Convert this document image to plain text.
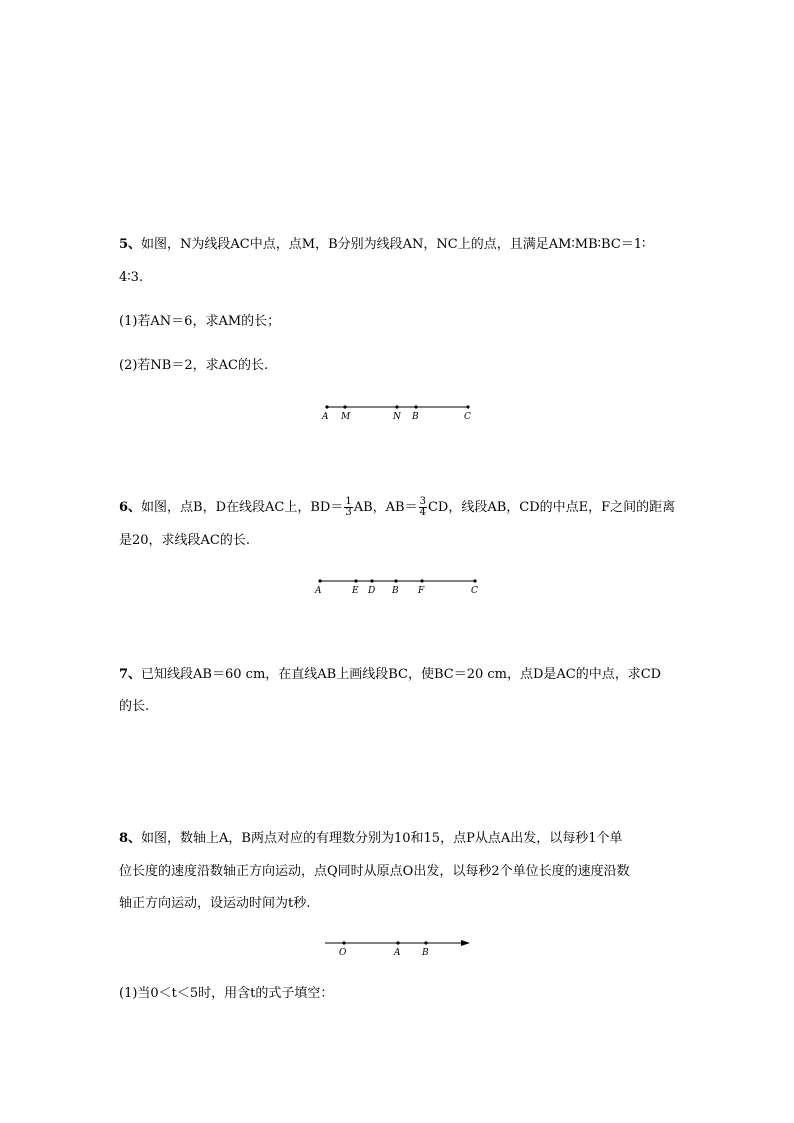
5、如图，N为线段AC中点，点M，B分别为线段AN，NC上的点，且满足AM∶MB∶BC＝1∶
4∶3.
(1)若AN＝6，求AM的长；
(2)若NB＝2，求AC的长.
A M	N B	C
6、如图，点B，D在线段AC上，$BD= \frac{1}{3}$ AB，$AB= \frac{3}{4}$ CD，线段AB，CD的中点E，F之间的距离
是20，求线段AC的长.
A	E D B F	C
7、已知线段AB＝60 cm，在直线AB上画线段BC，使BC＝20 cm，点D是AC的中点，求CD
的长.
8、如图，数轴上A，B两点对应的有理数分别为10和15，点P从点A出发，以每秒1个单
位长度的速度沿数轴正方向运动，点Q同时从原点O出发，以每秒2个单位长度的速度沿数
轴正方向运动，设运动时间为t秒.
O	A B
(1)当0＜t＜5时，用含t的式子填空：
